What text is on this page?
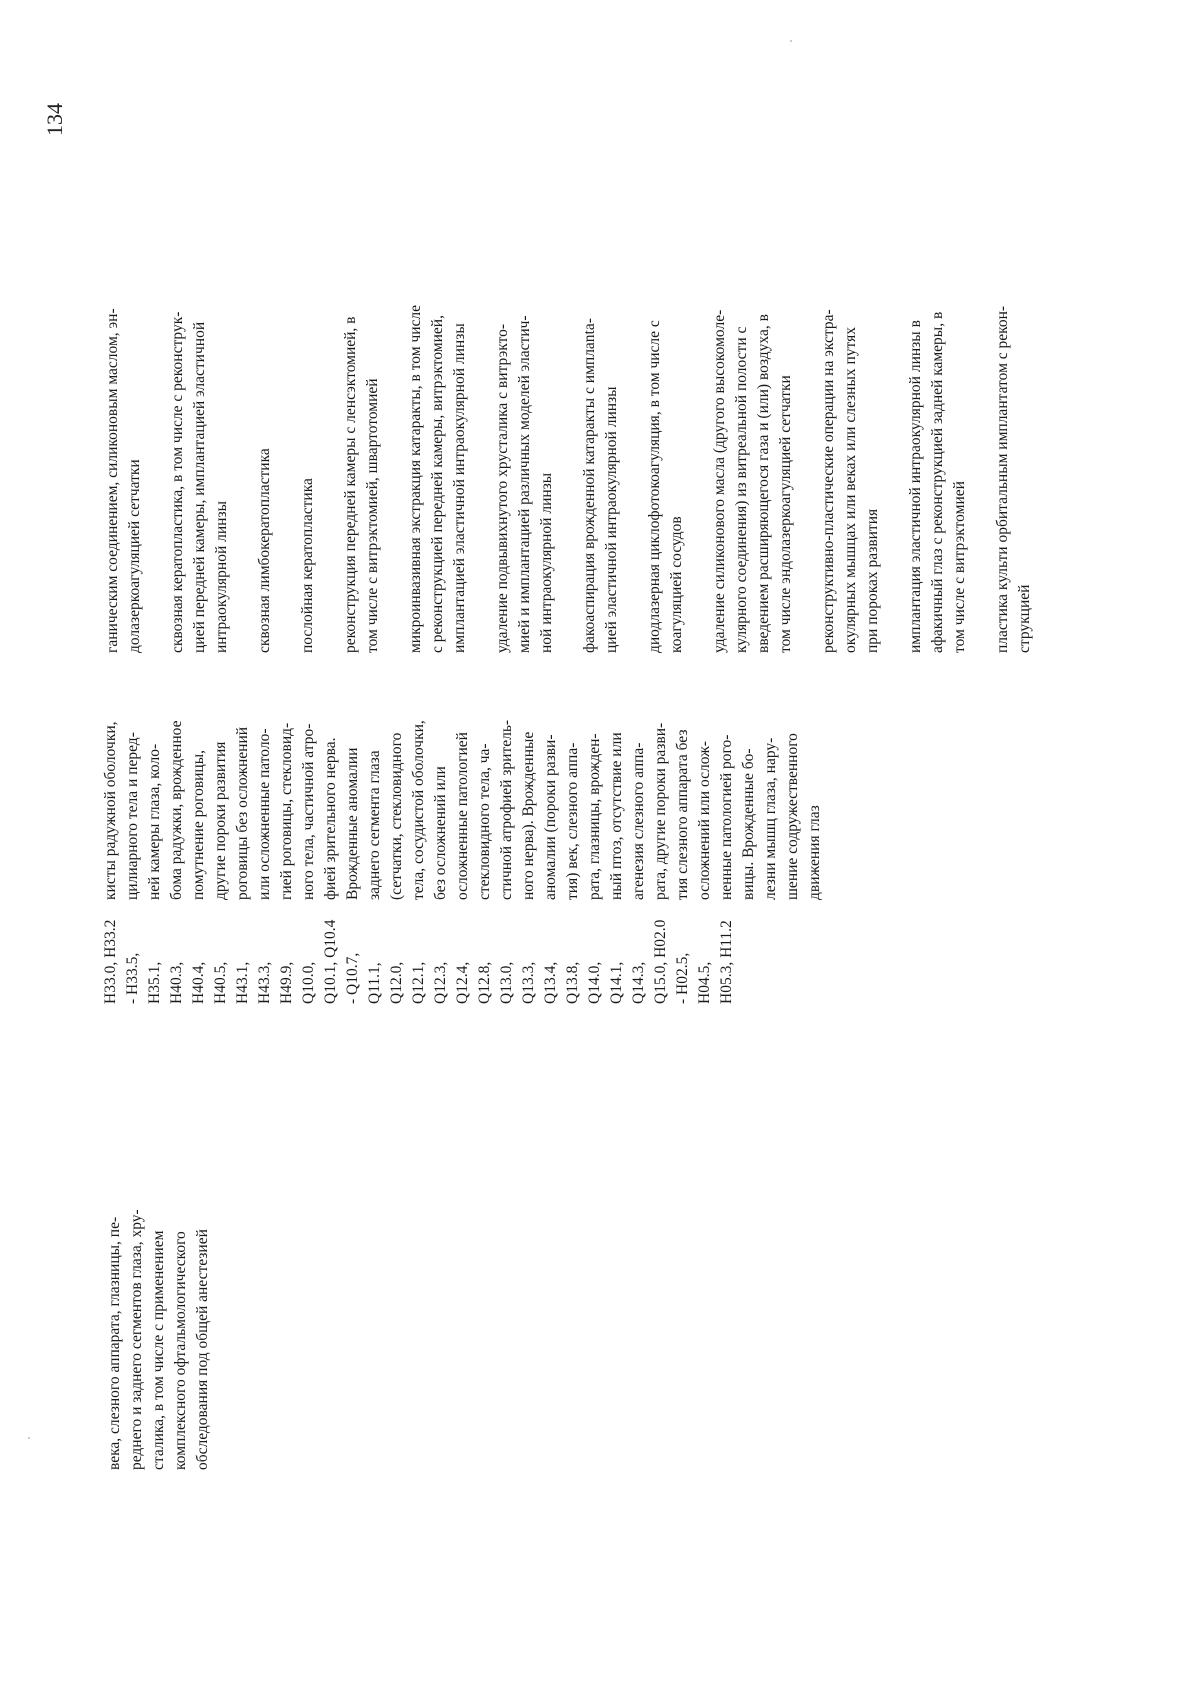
134
века, слезного аппарата, глазницы, пе- реднего и заднего сегментов глаза, хру- сталика, в том числе с применением комплексного офтальмологического обследования под общей анестезией
H33.0, H33.2 - H33.5, H35.1, H40.3, H40.4, H40.5, H43.1, H43.3, H49.9, Q10.0, Q10.1, Q10.4 - Q10.7, Q11.1, Q12.0, Q12.1, Q12.3, Q12.4, Q12.8, Q13.0, Q13.3, Q13.4, Q13.8, Q14.0, Q14.1, Q14.3, Q15.0, H02.0 - H02.5, H04.5, H05.3, H11.2
кисты радужной оболочки, цилиарного тела и перед- ней камеры глаза, коло- бома радужки, врожденное помутнение роговицы, другие пороки развития роговицы без осложнений или осложненные патоло- гией роговицы, стекловид- ного тела, частичной атро- фией зрительного нерва. Врожденные аномалии заднего сегмента глаза (сетчатки, стекловидного тела, сосудистой оболочки, без осложнений или осложненные патологией стекловидного тела, ча- стичной атрофией зритель- ного нерва). Врожденные аномалии (пороки разви- тия) век, слезного аппа- рата, глазницы, врожден- ный птоз, отсутствие или агенезия слезного аппа- рата, другие пороки разви- тия слезного аппарата без осложнений или ослож- ненные патологией рого- вицы. Врожденные бо- лезни мышц глаза, нару- шение содружественного движения глаз
ганическим соединением, силиконовым маслом, эн- долазеркоагуляцией сетчатки сквозная кератопластика, в том числе с реконструк- цией передней камеры, имплантацией эластичной интраокулярной линзы сквозная лимбокератопластика послойная кератопластика реконструкция передней камеры с ленсэктомией, в том числе с витрэктомией, швартотомией микроинвазивная экстракция катаракты, в том числе с реконструкцией передней камеры, витрэктомией, имплантацией эластичной интраокулярной линзы удаление подвывихнутого хрусталика с витрэкто- мией и имплантацией различных моделей эластич- ной интраокулярной линзы факоаспирация врожденной катаракты с имплanta- цией эластичной интраокулярной линзы диодлазерная циклофотокоагуляция, в том числе с коагуляцией сосудов удаление силиконового масла (другого высокомоле- кулярного соединения) из витреальной полости с введением расширяющегося газа и (или) воздуха, в том числе эндолазеркоагуляцией сетчатки реконструктивно-пластические операции на экстра- окулярных мышцах или веках или слезных путях при пороках развития имплантация эластичной интраокулярной линзы в афакичный глаз с реконструкцией задней камеры, в том числе с витрэктомией пластика культи орбитальным имплантатом с рекон- струкцией
